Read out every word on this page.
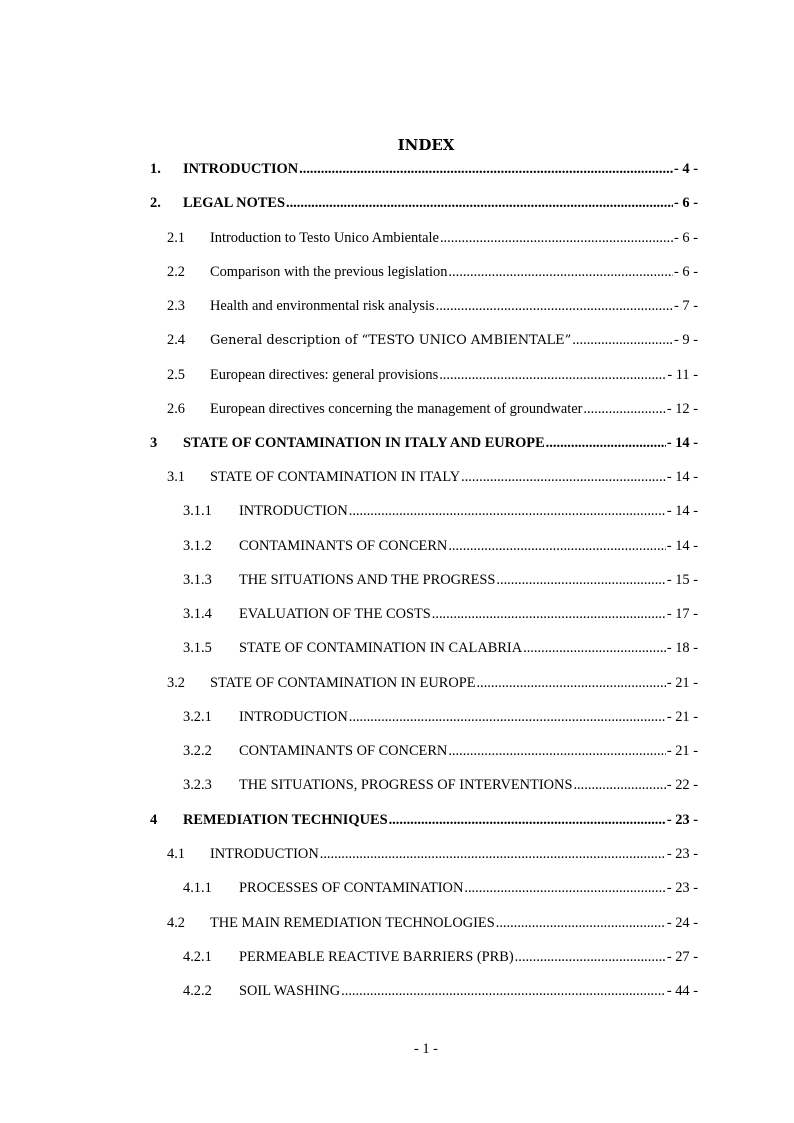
INDEX
1.	INTRODUCTION .....	- 4 -
2.	LEGAL NOTES .....	- 6 -
2.1	Introduction to Testo Unico Ambientale .....	- 6 -
2.2	Comparison with the previous legislation .....	- 6 -
2.3	Health and environmental risk analysis .....	- 7 -
2.4	General description of “TESTO UNICO AMBIENTALE” .....	- 9 -
2.5	European directives: general provisions .....	- 11 -
2.6	European directives concerning the management of groundwater .....	- 12 -
3	STATE OF CONTAMINATION IN ITALY AND EUROPE .....	- 14 -
3.1	STATE OF CONTAMINATION IN ITALY .....	- 14 -
3.1.1	INTRODUCTION .....	- 14 -
3.1.2	CONTAMINANTS OF CONCERN .....	- 14 -
3.1.3	THE SITUATIONS AND THE PROGRESS .....	- 15 -
3.1.4	EVALUATION OF THE COSTS .....	- 17 -
3.1.5	STATE OF CONTAMINATION IN CALABRIA .....	- 18 -
3.2	STATE OF CONTAMINATION IN EUROPE .....	- 21 -
3.2.1	INTRODUCTION .....	- 21 -
3.2.2	CONTAMINANTS OF CONCERN .....	- 21 -
3.2.3	THE SITUATIONS, PROGRESS OF INTERVENTIONS .....	- 22 -
4	REMEDIATION TECHNIQUES .....	- 23 -
4.1	INTRODUCTION .....	- 23 -
4.1.1	PROCESSES OF CONTAMINATION .....	- 23 -
4.2	THE MAIN REMEDIATION TECHNOLOGIES .....	- 24 -
4.2.1	PERMEABLE REACTIVE BARRIERS (PRB) .....	- 27 -
4.2.2	SOIL WASHING .....	- 44 -
- 1 -
